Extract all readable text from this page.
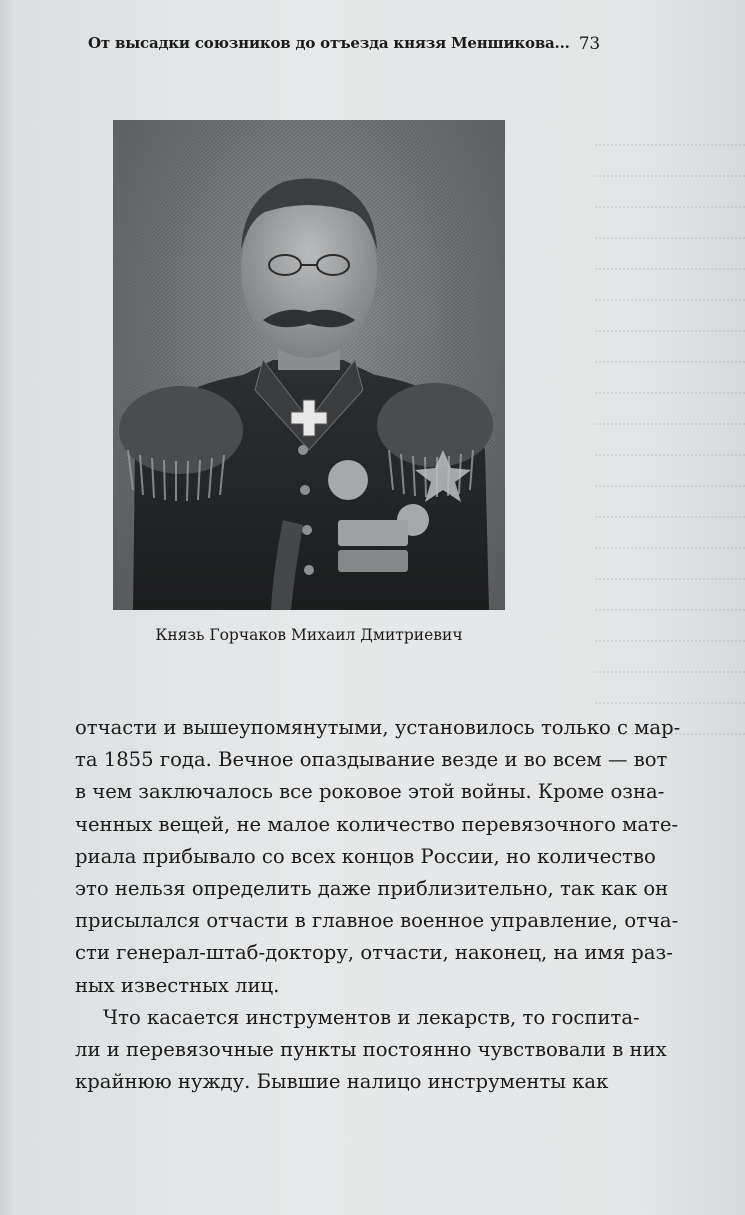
От высадки союзников до отъезда князя Меншикова... 73
Князь Горчаков Михаил Дмитриевич
отчасти и вышеупомянутыми, установилось только с мар-
та 1855 года. Вечное опаздывание везде и во всем — вот
в чем заключалось все роковое этой войны. Кроме озна-
ченных вещей, не малое количество перевязочного мате-
риала прибывало со всех концов России, но количество
это нельзя определить даже приблизительно, так как он
присылался отчасти в главное военное управление, отча-
сти генерал-штаб-доктору, отчасти, наконец, на имя раз-
ных известных лиц.
Что касается инструментов и лекарств, то госпита-
ли и перевязочные пункты постоянно чувствовали в них
крайнюю нужду. Бывшие налицо инструменты как
